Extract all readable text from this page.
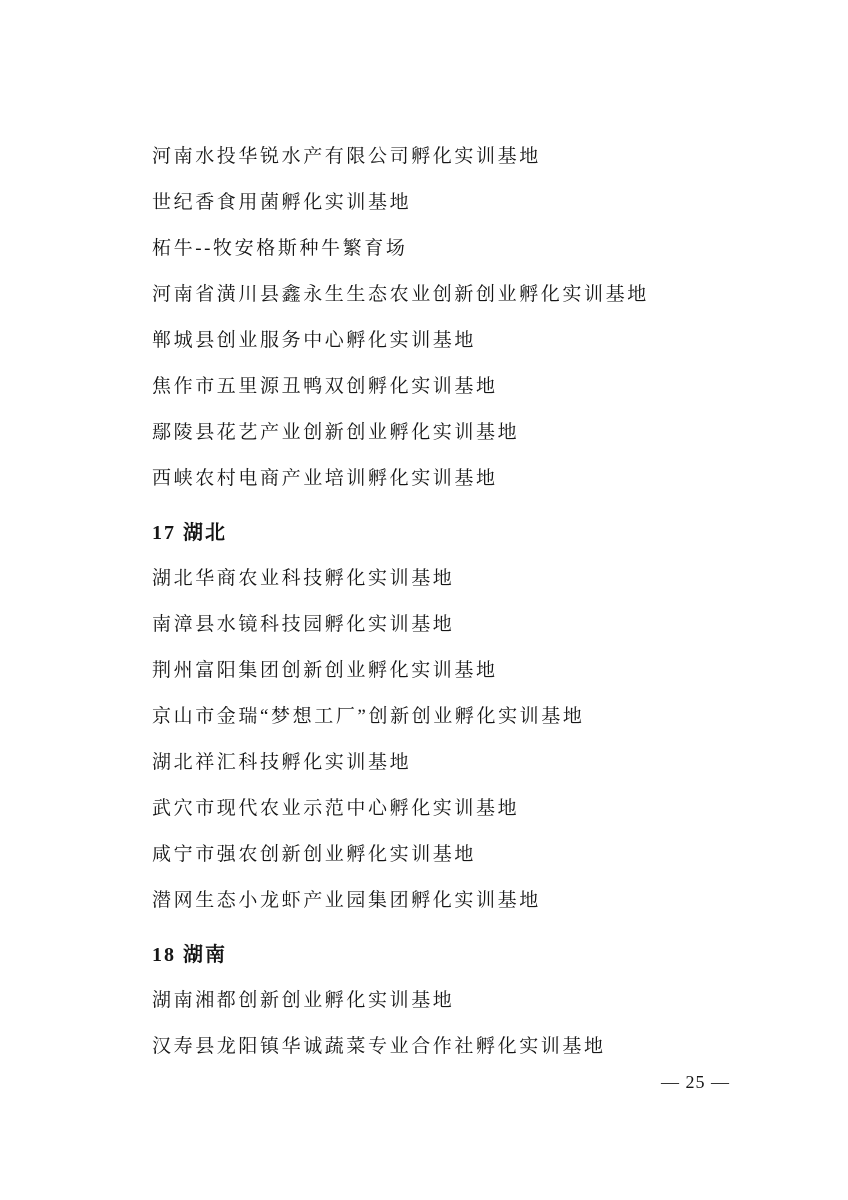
河南水投华锐水产有限公司孵化实训基地

世纪香食用菌孵化实训基地

柘牛--牧安格斯种牛繁育场

河南省潢川县鑫永生生态农业创新创业孵化实训基地

郸城县创业服务中心孵化实训基地

焦作市五里源丑鸭双创孵化实训基地

鄢陵县花艺产业创新创业孵化实训基地

西峡农村电商产业培训孵化实训基地

17 湖北

湖北华商农业科技孵化实训基地

南漳县水镜科技园孵化实训基地

荆州富阳集团创新创业孵化实训基地

京山市金瑞“梦想工厂”创新创业孵化实训基地

湖北祥汇科技孵化实训基地

武穴市现代农业示范中心孵化实训基地

咸宁市强农创新创业孵化实训基地

潜网生态小龙虾产业园集团孵化实训基地

18 湖南

湖南湘都创新创业孵化实训基地

汉寿县龙阳镇华诚蔬菜专业合作社孵化实训基地

— 25 —
